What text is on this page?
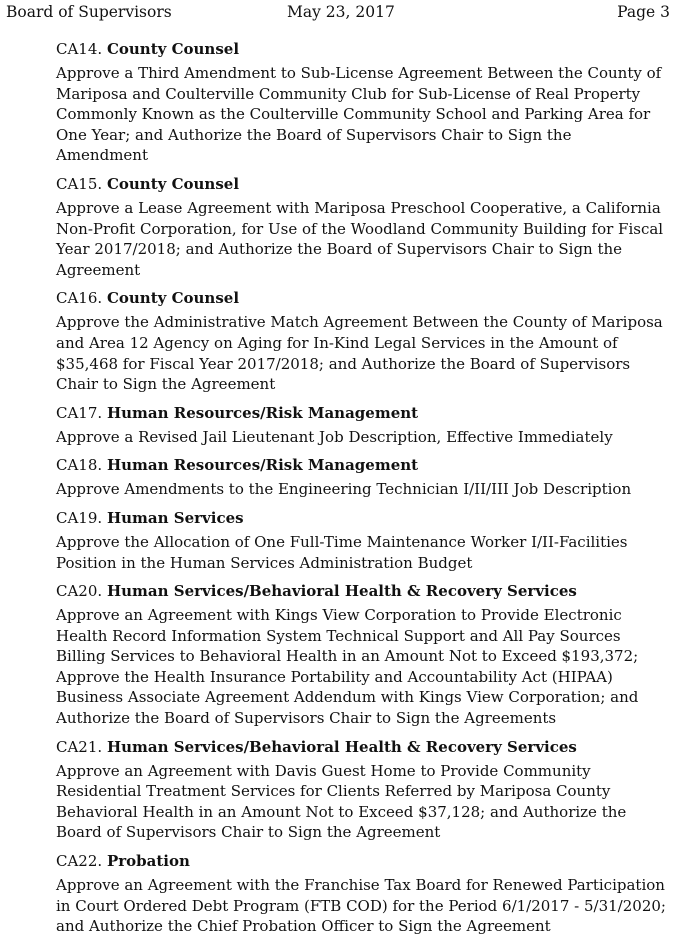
Board of Supervisors	May 23, 2017	Page 3
CA14. County Counsel
Approve a Third Amendment to Sub-License Agreement Between the County of Mariposa and Coulterville Community Club for Sub-License of Real Property Commonly Known as the Coulterville Community School and Parking Area for One Year; and Authorize the Board of Supervisors Chair to Sign the Amendment
CA15. County Counsel
Approve a Lease Agreement with Mariposa Preschool Cooperative, a California Non-Profit Corporation, for Use of the Woodland Community Building for Fiscal Year 2017/2018; and Authorize the Board of Supervisors Chair to Sign the Agreement
CA16. County Counsel
Approve the Administrative Match Agreement Between the County of Mariposa and Area 12 Agency on Aging for In-Kind Legal Services in the Amount of $35,468 for Fiscal Year 2017/2018; and Authorize the Board of Supervisors Chair to Sign the Agreement
CA17. Human Resources/Risk Management
Approve a Revised Jail Lieutenant Job Description, Effective Immediately
CA18. Human Resources/Risk Management
Approve Amendments to the Engineering Technician I/II/III Job Description
CA19. Human Services
Approve the Allocation of One Full-Time Maintenance Worker I/II-Facilities Position in the Human Services Administration Budget
CA20. Human Services/Behavioral Health & Recovery Services
Approve an Agreement with Kings View Corporation to Provide Electronic Health Record Information System Technical Support and All Pay Sources Billing Services to Behavioral Health in an Amount Not to Exceed $193,372; Approve the Health Insurance Portability and Accountability Act (HIPAA) Business Associate Agreement Addendum with Kings View Corporation; and Authorize the Board of Supervisors Chair to Sign the Agreements
CA21. Human Services/Behavioral Health & Recovery Services
Approve an Agreement with Davis Guest Home to Provide Community Residential Treatment Services for Clients Referred by Mariposa County Behavioral Health in an Amount Not to Exceed $37,128; and Authorize the Board of Supervisors Chair to Sign the Agreement
CA22. Probation
Approve an Agreement with the Franchise Tax Board for Renewed Participation in Court Ordered Debt Program (FTB COD) for the Period 6/1/2017 - 5/31/2020; and Authorize the Chief Probation Officer to Sign the Agreement
